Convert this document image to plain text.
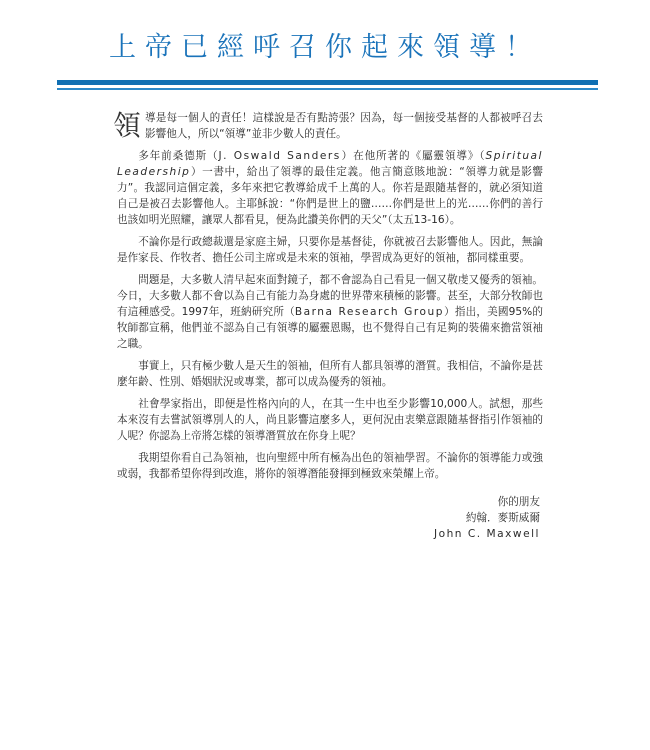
上帝已經呼召你起來領導！

領導是每一個人的責任！這樣說是否有點誇張？因為，每一個接受基督的人都被呼召去影響他人，所以“領導”並非少數人的責任。

多年前桑德斯（J. Oswald Sanders）在他所著的《屬靈領導》（Spiritual Leadership）一書中，給出了領導的最佳定義。他言簡意賅地說：“領導力就是影響力”。我認同這個定義，多年來把它教導給成千上萬的人。你若是跟隨基督的，就必須知道自己是被召去影響他人。主耶穌說：“你們是世上的鹽……你們是世上的光……你們的善行也該如明光照耀，讓眾人都看見，便為此讚美你們的天父”（太五13-16）。

不論你是行政總裁還是家庭主婦，只要你是基督徒，你就被召去影響他人。因此，無論是作家長、作牧者、擔任公司主席或是未來的領袖，學習成為更好的領袖，都同樣重要。

問題是，大多數人清早起來面對鏡子，都不會認為自己看見一個又敬虔又優秀的領袖。今日，大多數人都不會以為自己有能力為身處的世界帶來積極的影響。甚至，大部分牧師也有這種感受。1997年，班納研究所（Barna Research Group）指出，美國95%的牧師都宣稱，他們並不認為自己有領導的屬靈恩賜，也不覺得自己有足夠的裝備來擔當領袖之職。

事實上，只有極少數人是天生的領袖，但所有人都具領導的潛質。我相信，不論你是甚麼年齡、性別、婚姻狀況或專業，都可以成為優秀的領袖。

社會學家指出，即便是性格內向的人，在其一生中也至少影響10,000人。試想，那些本來沒有去嘗試領導別人的人，尚且影響這麼多人，更何況由衷樂意跟隨基督指引作領袖的人呢？你認為上帝將怎樣的領導潛質放在你身上呢？

我期望你看自己為領袖，也向聖經中所有極為出色的領袖學習。不論你的領導能力或強或弱，我都希望你得到改進，將你的領導潛能發揮到極致來榮耀上帝。

你的朋友
約翰．麥斯威爾
John C. Maxwell
